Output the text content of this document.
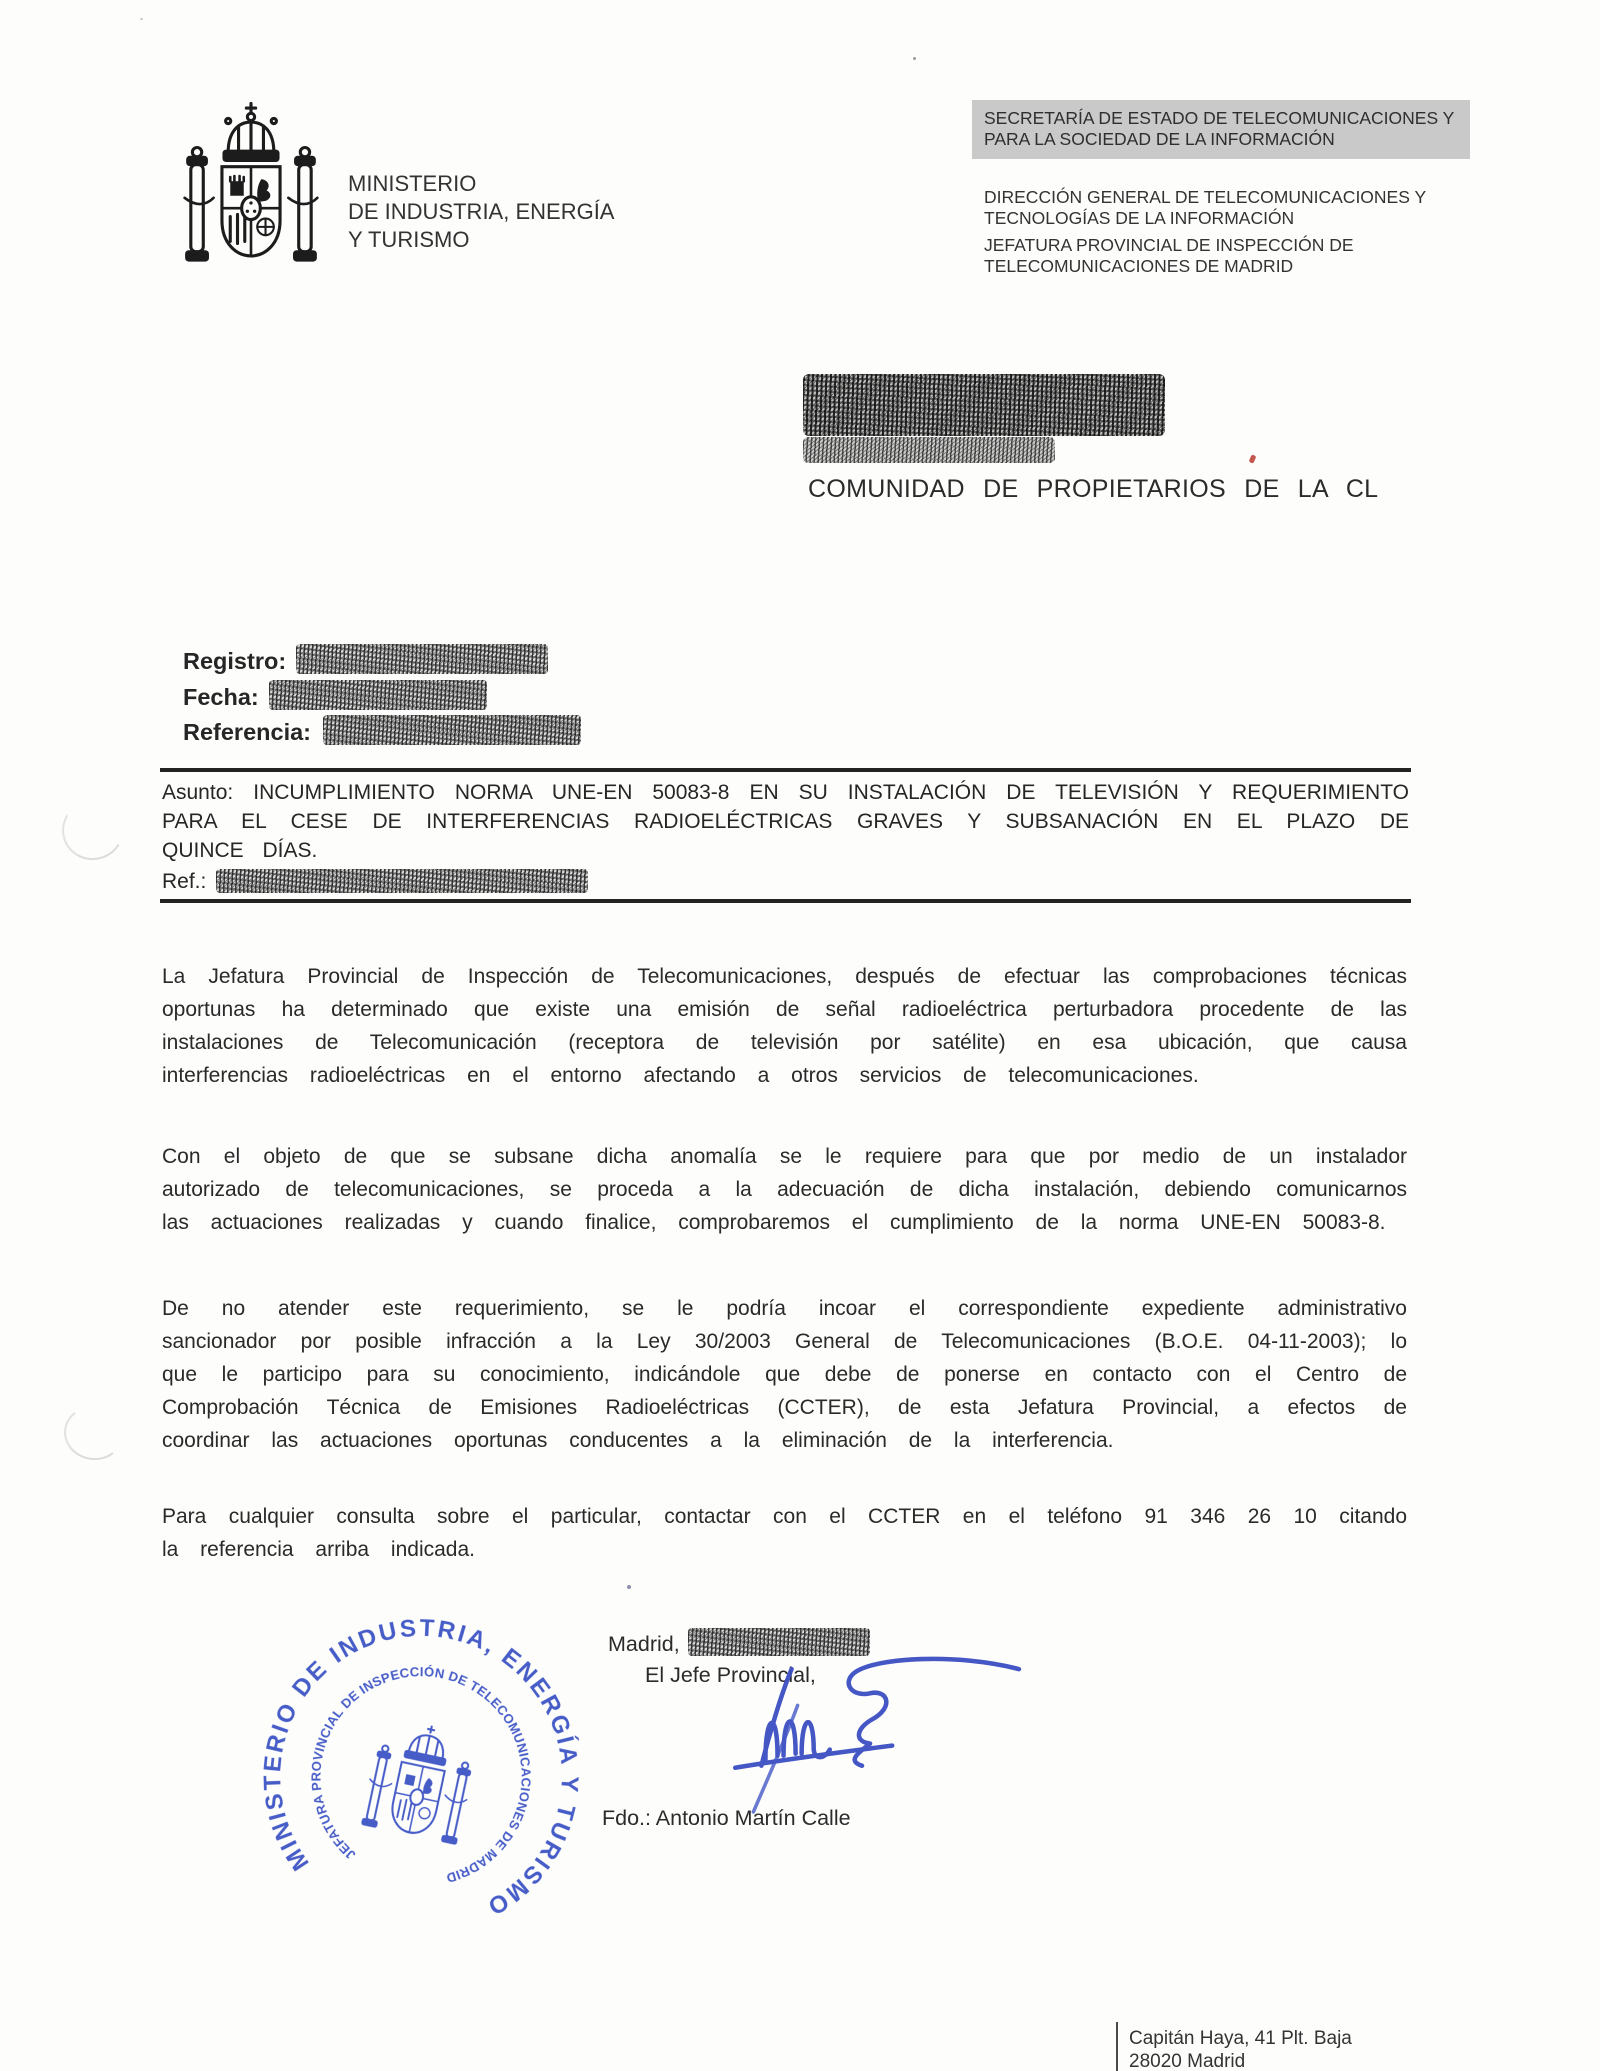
MINISTERIO
DE INDUSTRIA, ENERGÍA
Y TURISMO
SECRETARÍA DE ESTADO DE TELECOMUNICACIONES Y PARA LA SOCIEDAD DE LA INFORMACIÓN
DIRECCIÓN GENERAL DE TELECOMUNICACIONES Y TECNOLOGÍAS DE LA INFORMACIÓN
JEFATURA PROVINCIAL DE INSPECCIÓN DE TELECOMUNICACIONES DE MADRID
COMUNIDAD DE PROPIETARIOS DE LA CL
Registro:
Fecha:
Referencia:
Asunto: INCUMPLIMIENTO NORMA UNE-EN 50083-8 EN SU INSTALACIÓN DE TELEVISIÓN Y REQUERIMIENTO PARA EL CESE DE INTERFERENCIAS RADIOELÉCTRICAS GRAVES Y SUBSANACIÓN EN EL PLAZO DE QUINCE DÍAS.
Ref.:
La Jefatura Provincial de Inspección de Telecomunicaciones, después de efectuar las comprobaciones técnicas oportunas ha determinado que existe una emisión de señal radioeléctrica perturbadora procedente de las instalaciones de Telecomunicación (receptora de televisión por satélite) en esa ubicación, que causa interferencias radioeléctricas en el entorno afectando a otros servicios de telecomunicaciones.
Con el objeto de que se subsane dicha anomalía se le requiere para que por medio de un instalador autorizado de telecomunicaciones, se proceda a la adecuación de dicha instalación, debiendo comunicarnos las actuaciones realizadas y cuando finalice, comprobaremos el cumplimiento de la norma UNE-EN 50083-8.
De no atender este requerimiento, se le podría incoar el correspondiente expediente administrativo sancionador por posible infracción a la Ley 30/2003 General de Telecomunicaciones (B.O.E. 04-11-2003); lo que le participo para su conocimiento, indicándole que debe de ponerse en contacto con el Centro de Comprobación Técnica de Emisiones Radioeléctricas (CCTER), de esta Jefatura Provincial, a efectos de coordinar las actuaciones oportunas conducentes a la eliminación de la interferencia.
Para cualquier consulta sobre el particular, contactar con el CCTER en el teléfono 91 346 26 10 citando la referencia arriba indicada.
Madrid,
El Jefe Provincial,
Fdo.: Antonio Martín Calle
MINISTERIO DE INDUSTRIA, ENERGÍA Y TURISMO
JEFATURA PROVINCIAL DE INSPECCIÓN DE TELECOMUNICACIONES DE MADRID
Capitán Haya, 41 Plt. Baja
28020 Madrid
